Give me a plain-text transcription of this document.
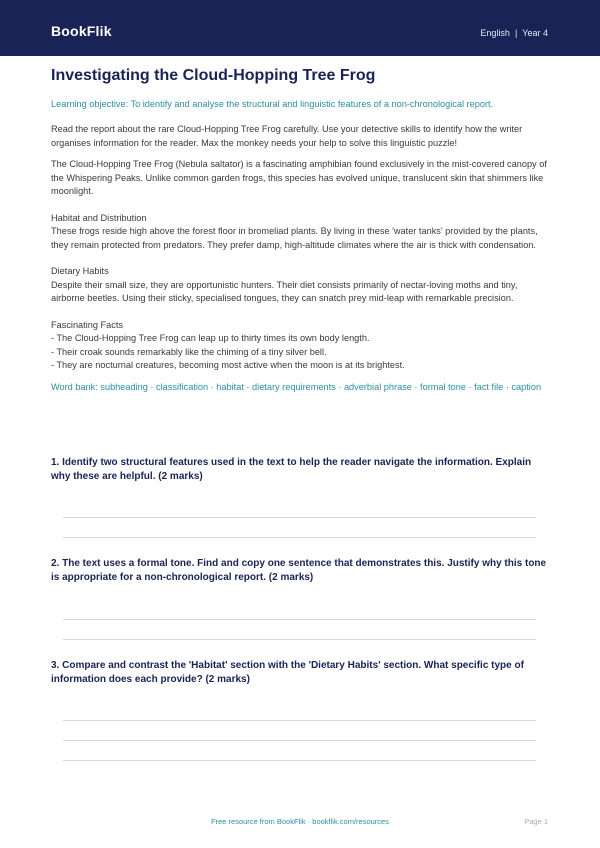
BookFlik	English | Year 4
Investigating the Cloud-Hopping Tree Frog
Learning objective: To identify and analyse the structural and linguistic features of a non-chronological report.
Read the report about the rare Cloud-Hopping Tree Frog carefully. Use your detective skills to identify how the writer organises information for the reader. Max the monkey needs your help to solve this linguistic puzzle!
The Cloud-Hopping Tree Frog (Nebula saltator) is a fascinating amphibian found exclusively in the mist-covered canopy of the Whispering Peaks. Unlike common garden frogs, this species has evolved unique, translucent skin that shimmers like moonlight.
Habitat and Distribution
These frogs reside high above the forest floor in bromeliad plants. By living in these 'water tanks' provided by the plants, they remain protected from predators. They prefer damp, high-altitude climates where the air is thick with condensation.
Dietary Habits
Despite their small size, they are opportunistic hunters. Their diet consists primarily of nectar-loving moths and tiny, airborne beetles. Using their sticky, specialised tongues, they can snatch prey mid-leap with remarkable precision.
Fascinating Facts
- The Cloud-Hopping Tree Frog can leap up to thirty times its own body length.
- Their croak sounds remarkably like the chiming of a tiny silver bell.
- They are nocturnal creatures, becoming most active when the moon is at its brightest.
Word bank: subheading · classification · habitat · dietary requirements · adverbial phrase · formal tone · fact file · caption
1. Identify two structural features used in the text to help the reader navigate the information. Explain why these are helpful. (2 marks)
2. The text uses a formal tone. Find and copy one sentence that demonstrates this. Justify why this tone is appropriate for a non-chronological report. (2 marks)
3. Compare and contrast the 'Habitat' section with the 'Dietary Habits' section. What specific type of information does each provide? (2 marks)
Free resource from BookFlik · bookflik.com/resources	Page 1
